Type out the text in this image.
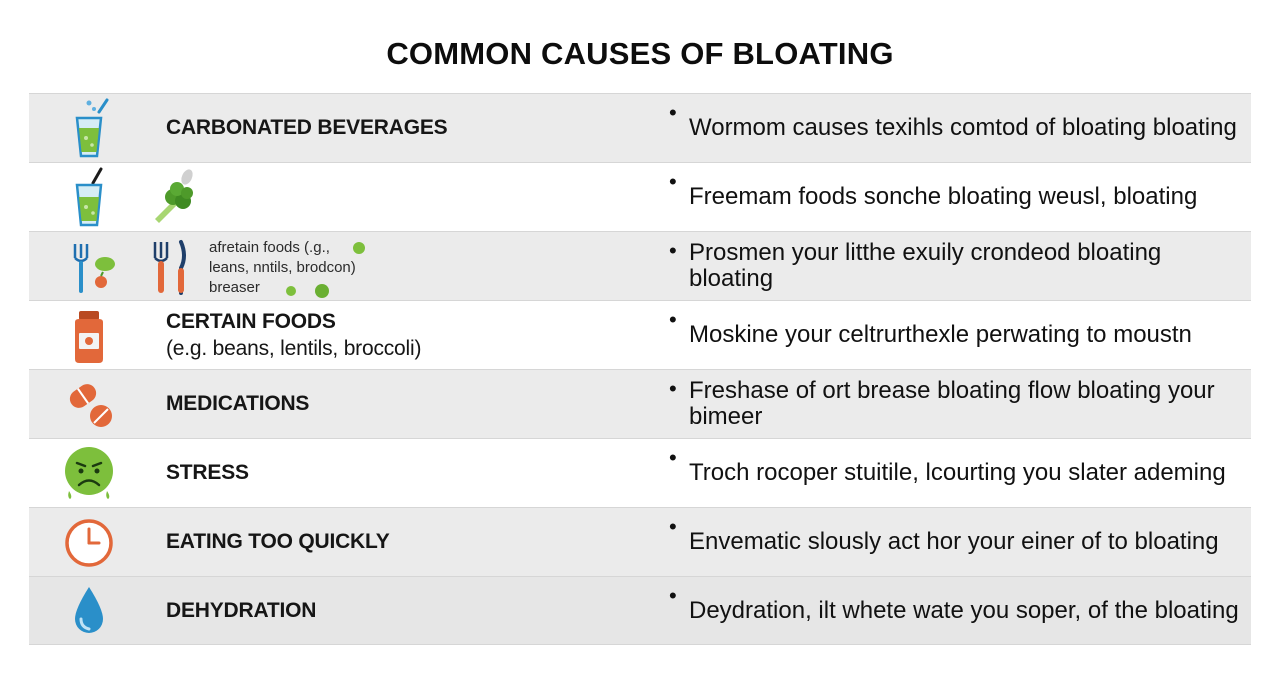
COMMON CAUSES OF BLOATING
CARBONATED BEVERAGES
•
Wormom causes texihls comtod of bloating bloating
•
Freemam foods sonche bloating weusl, bloating
afretain foods (.g.,
leans, nntils, brodcon)
breaser
• Prosmen your litthe exuily crondeod bloating bloating
CERTAIN FOODS
(e.g. beans, lentils, broccoli)
•
Moskine your celtrurthexle perwating to moustn
MEDICATIONS
• Freshase of ort brease bloating flow bloating your bimeer
STRESS
•
Troch rocoper stuitile, lcourting you slater ademing
EATING TOO QUICKLY
•
Envematic slously act hor your einer of to bloating
DEHYDRATION
•
Deydration, ilt whete wate you soper, of the bloating
